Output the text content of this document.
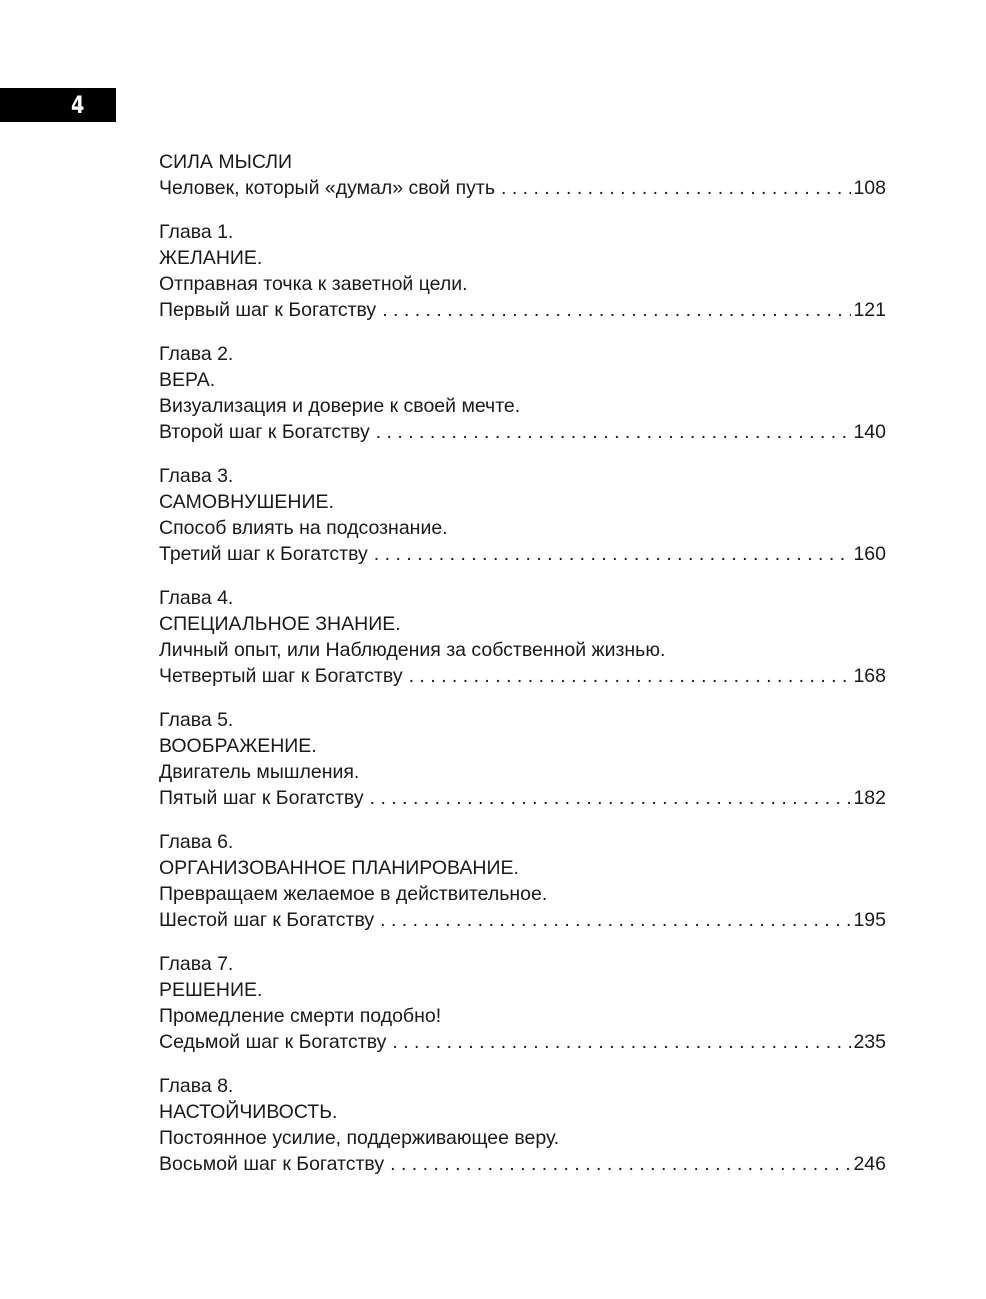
4
СИЛА МЫСЛИ
Человек, который «думал» свой путь . . .	108
Глава 1.
ЖЕЛАНИЕ.
Отправная точка к заветной цели.
Первый шаг к Богатству . . .	121
Глава 2.
ВЕРА.
Визуализация и доверие к своей мечте.
Второй шаг к Богатству . . .	140
Глава 3.
САМОВНУШЕНИЕ.
Способ влиять на подсознание.
Третий шаг к Богатству . . .	160
Глава 4.
СПЕЦИАЛЬНОЕ ЗНАНИЕ.
Личный опыт, или Наблюдения за собственной жизнью.
Четвертый шаг к Богатству . . .	168
Глава 5.
ВООБРАЖЕНИЕ.
Двигатель мышления.
Пятый шаг к Богатству . . .	182
Глава 6.
ОРГАНИЗОВАННОЕ ПЛАНИРОВАНИЕ.
Превращаем желаемое в действительное.
Шестой шаг к Богатству . . .	195
Глава 7.
РЕШЕНИЕ.
Промедление смерти подобно!
Седьмой шаг к Богатству . . .	235
Глава 8.
НАСТОЙЧИВОСТЬ.
Постоянное усилие, поддерживающее веру.
Восьмой шаг к Богатству . . .	246
